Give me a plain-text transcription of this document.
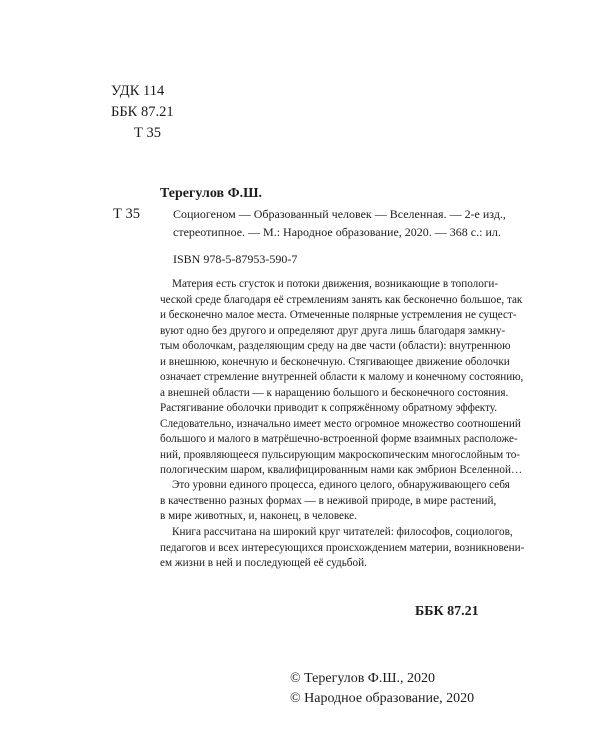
УДК 114
ББК 87.21
Т 35
Т 35
Терегулов Ф.Ш.
Социогеном — Образованный человек — Вселенная. — 2-е изд.,
стереотипное. — М.: Народное образование, 2020. — 368 с.: ил.
ISBN 978-5-87953-590-7
Материя есть сгусток и потоки движения, возникающие в топологи-
ческой среде благодаря её стремлениям занять как бесконечно большое, так
и бесконечно малое места. Отмеченные полярные устремления не сущест-
вуют одно без другого и определяют друг друга лишь благодаря замкну-
тым оболочкам, разделяющим среду на две части (области): внутреннюю
и внешнюю, конечную и бесконечную. Стягивающее движение оболочки
означает стремление внутренней области к малому и конечному состоянию,
а внешней области — к наращению большого и бесконечного состояния.
Растягивание оболочки приводит к сопряжённому обратному эффекту.
Следовательно, изначально имеет место огромное множество соотношений
большого и малого в матрёшечно-встроенной форме взаимных расположе-
ний, проявляющееся пульсирующим макроскопическим многослойным то-
пологическим шаром, квалифицированным нами как эмбрион Вселенной…
Это уровни единого процесса, единого целого, обнаруживающего себя
в качественно разных формах — в неживой природе, в мире растений,
в мире животных, и, наконец, в человеке.
Книга рассчитана на широкий круг читателей: философов, социологов,
педагогов и всех интересующихся происхождением материи, возникновени-
ем жизни в ней и последующей её судьбой.
ББК 87.21
© Терегулов Ф.Ш., 2020
© Народное образование, 2020
